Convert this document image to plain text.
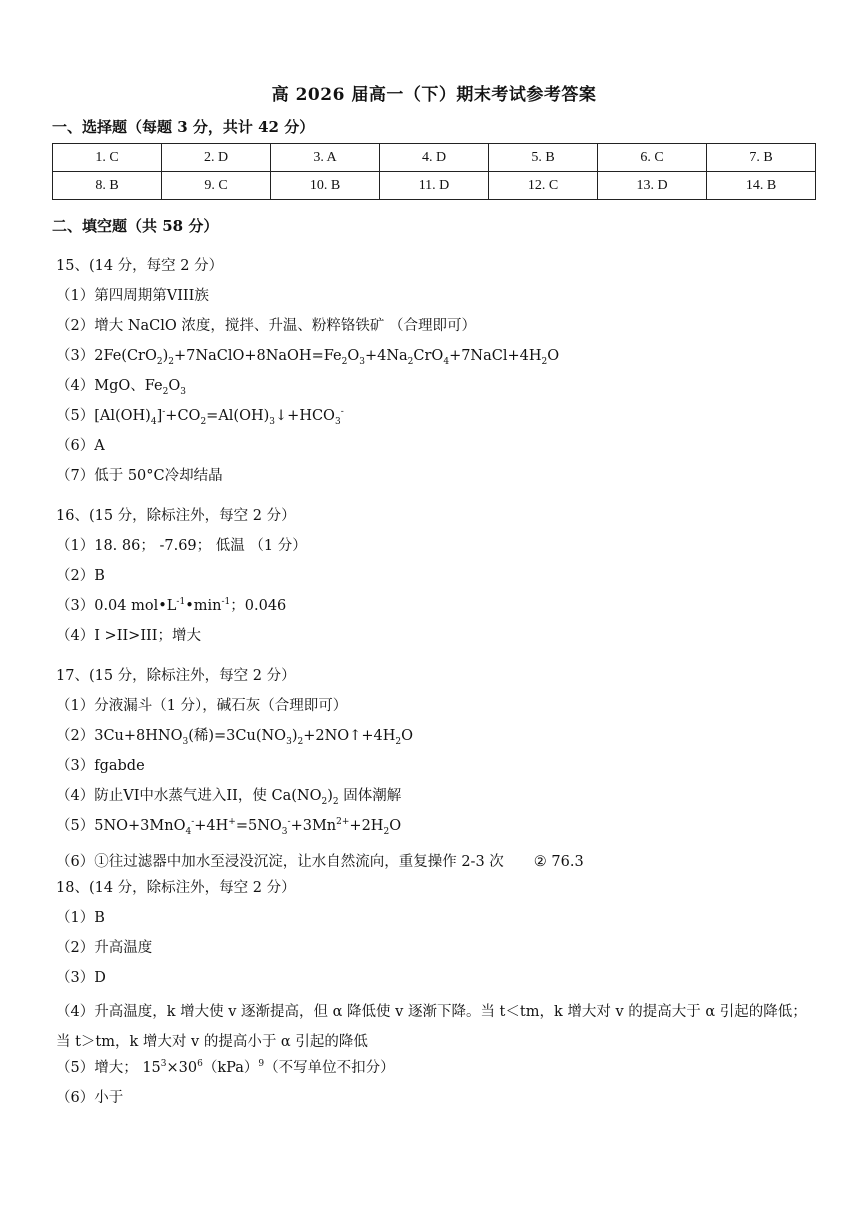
高 2026 届高一（下）期末考试参考答案
一、选择题（每题 3 分，共计 42 分）
1. C	2. D	3. A	4. D	5. B	6. C	7. B
8. B	9. C	10. B	11. D	12. C	13. D	14. B
二、填空题（共 58 分）
15、(14 分，每空 2 分）
（1）第四周期第VIII族
（2）增大 NaClO 浓度，搅拌、升温、粉粹铬铁矿 （合理即可）
$(3)2Fe(CrO_2)_2+7NaClO+8NaOH=Fe_2O_3+4Na_2CrO_4+7NaCl+4H_2O$
（4）MgO、$Fe_2O_3$
$(5)[Al(OH)_4]^-+CO_2=Al(OH)_3↓+HCO_3^-$
（6）A
（7）低于 50°C冷却结晶
16、(15 分，除标注外，每空 2 分）
（1）18. 86； -7.69； 低温 （1 分）
（2）B
（3）0.04 $mol•L^{-1}•\min^{-1}$；0.046
（4）I >II>III；增大
17、(15 分，除标注外，每空 2 分）
（1）分液漏斗（1 分），碱石灰（合理即可）
$(2)3Cu+8HNO_3$(稀)$=3Cu(NO_3)_2+2NO↑+4H_2O$
（3）fgabde
（4）防止VI中水蒸气进入II，使 $Ca(NO_2)_2$ 固体潮解
$(5)5NO+3MnO_4^-+4H^+=5NO_3^-+3Mn^{2+}+2H_2O$
（6）①往过滤器中加水至浸没沉淀，让水自然流向，重复操作 2-3 次 ② 76.3
18、(14 分，除标注外，每空 2 分）
（1）B
（2）升高温度
（3）D
（4）升高温度，k 增大使 v 逐渐提高，但 α 降低使 v 逐渐下降。当 t＜tm，k 增大对 v 的提高大于 α 引起的降低；当 t＞tm，k 增大对 v 的提高小于 α 引起的降低
（5）增大； $15^3\times 30^6(kPa)^9$（不写单位不扣分）
（6）小于
